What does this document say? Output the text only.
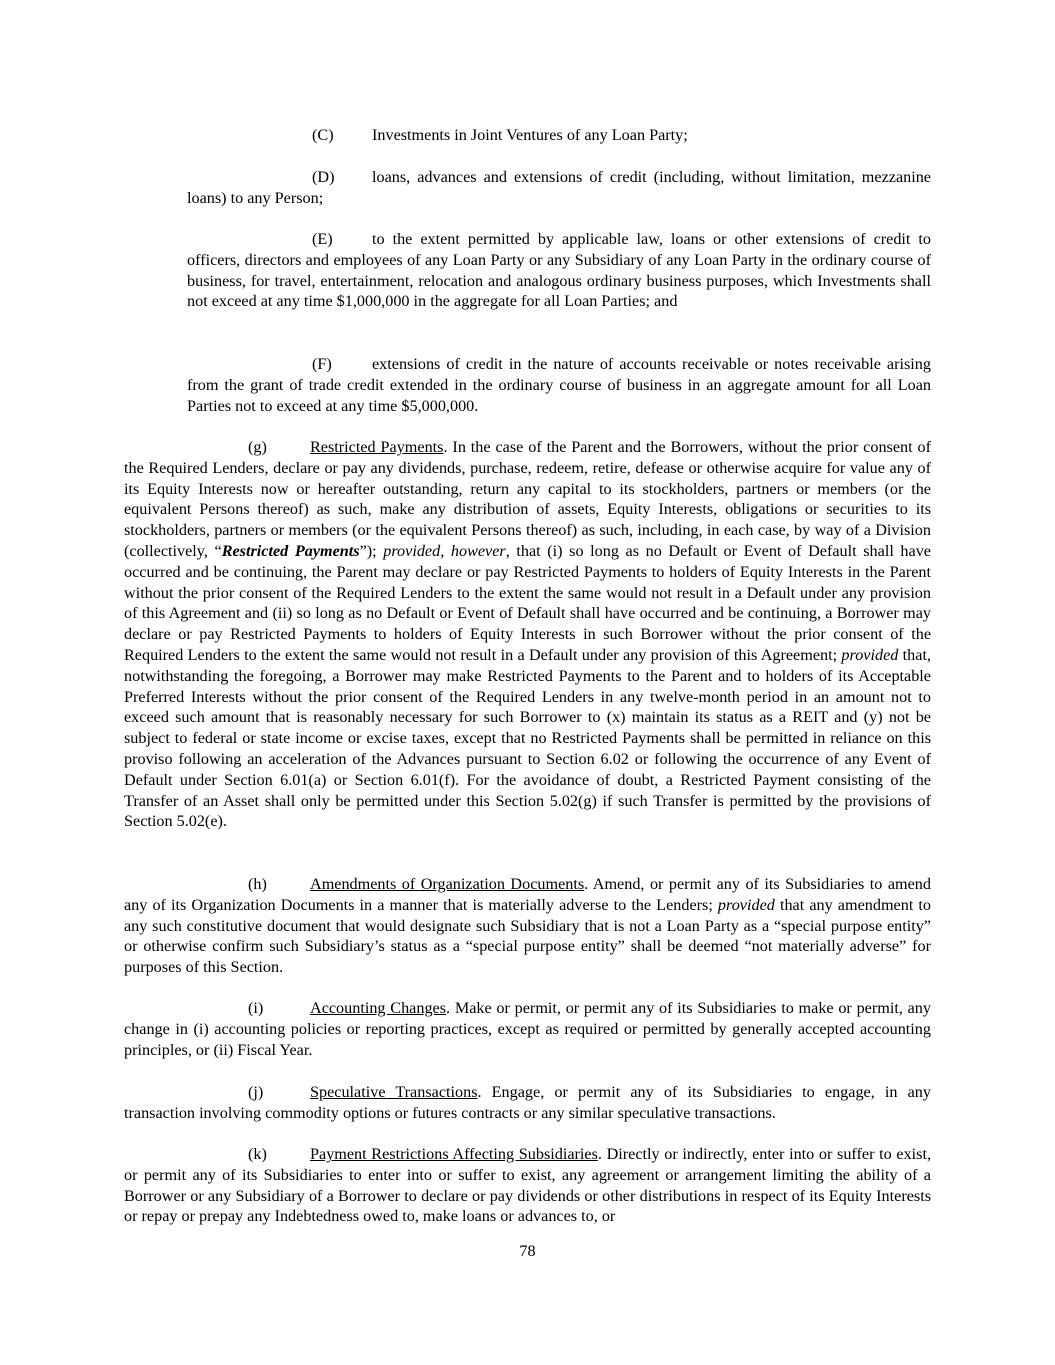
(C) Investments in Joint Ventures of any Loan Party;
(D) loans, advances and extensions of credit (including, without limitation, mezzanine loans) to any Person;
(E) to the extent permitted by applicable law, loans or other extensions of credit to officers, directors and employees of any Loan Party or any Subsidiary of any Loan Party in the ordinary course of business, for travel, entertainment, relocation and analogous ordinary business purposes, which Investments shall not exceed at any time $1,000,000 in the aggregate for all Loan Parties; and
(F) extensions of credit in the nature of accounts receivable or notes receivable arising from the grant of trade credit extended in the ordinary course of business in an aggregate amount for all Loan Parties not to exceed at any time $5,000,000.
(g)	Restricted Payments. In the case of the Parent and the Borrowers, without the prior consent of the Required Lenders, declare or pay any dividends, purchase, redeem, retire, defease or otherwise acquire for value any of its Equity Interests now or hereafter outstanding, return any capital to its stockholders, partners or members (or the equivalent Persons thereof) as such, make any distribution of assets, Equity Interests, obligations or securities to its stockholders, partners or members (or the equivalent Persons thereof) as such, including, in each case, by way of a Division (collectively, “Restricted Payments”); provided, however, that (i) so long as no Default or Event of Default shall have occurred and be continuing, the Parent may declare or pay Restricted Payments to holders of Equity Interests in the Parent without the prior consent of the Required Lenders to the extent the same would not result in a Default under any provision of this Agreement and (ii) so long as no Default or Event of Default shall have occurred and be continuing, a Borrower may declare or pay Restricted Payments to holders of Equity Interests in such Borrower without the prior consent of the Required Lenders to the extent the same would not result in a Default under any provision of this Agreement; provided that, notwithstanding the foregoing, a Borrower may make Restricted Payments to the Parent and to holders of its Acceptable Preferred Interests without the prior consent of the Required Lenders in any twelve-month period in an amount not to exceed such amount that is reasonably necessary for such Borrower to (x) maintain its status as a REIT and (y) not be subject to federal or state income or excise taxes, except that no Restricted Payments shall be permitted in reliance on this proviso following an acceleration of the Advances pursuant to Section 6.02 or following the occurrence of any Event of Default under Section 6.01(a) or Section 6.01(f). For the avoidance of doubt, a Restricted Payment consisting of the Transfer of an Asset shall only be permitted under this Section 5.02(g) if such Transfer is permitted by the provisions of Section 5.02(e).
(h)	Amendments of Organization Documents. Amend, or permit any of its Subsidiaries to amend any of its Organization Documents in a manner that is materially adverse to the Lenders; provided that any amendment to any such constitutive document that would designate such Subsidiary that is not a Loan Party as a “special purpose entity” or otherwise confirm such Subsidiary’s status as a “special purpose entity” shall be deemed “not materially adverse” for purposes of this Section.
(i)	Accounting Changes. Make or permit, or permit any of its Subsidiaries to make or permit, any change in (i) accounting policies or reporting practices, except as required or permitted by generally accepted accounting principles, or (ii) Fiscal Year.
(j)	Speculative Transactions. Engage, or permit any of its Subsidiaries to engage, in any transaction involving commodity options or futures contracts or any similar speculative transactions.
(k)	Payment Restrictions Affecting Subsidiaries. Directly or indirectly, enter into or suffer to exist, or permit any of its Subsidiaries to enter into or suffer to exist, any agreement or arrangement limiting the ability of a Borrower or any Subsidiary of a Borrower to declare or pay dividends or other distributions in respect of its Equity Interests or repay or prepay any Indebtedness owed to, make loans or advances to, or
78
